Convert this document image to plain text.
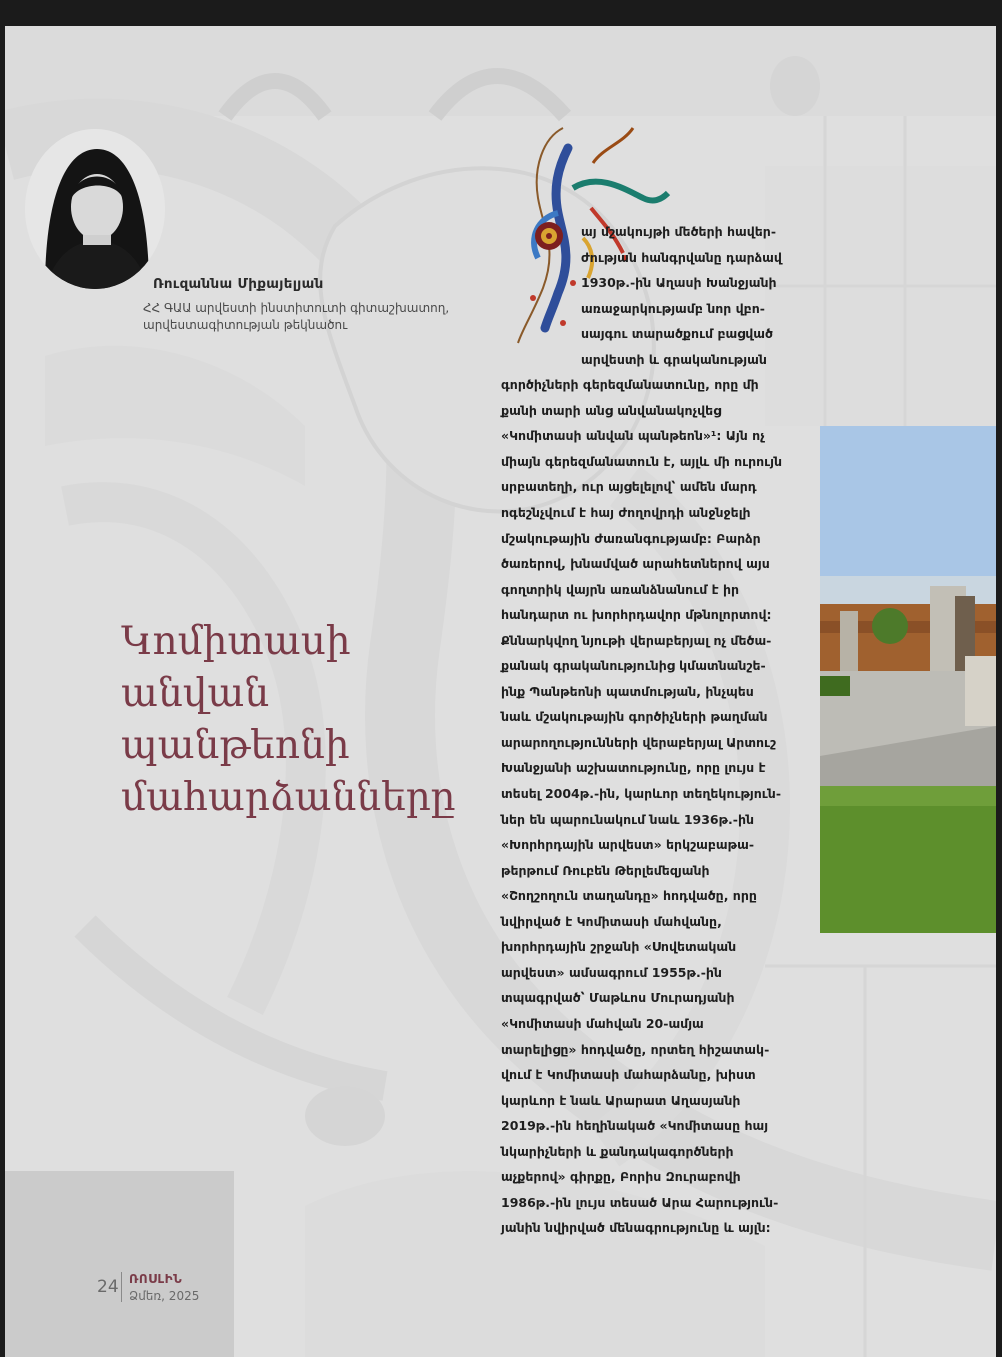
Ռուզաննա Միքայելյան
ՀՀ ԳԱԱ արվեստի ինստիտուտի գիտաշխատող,
արվեստագիտության թեկնածու
Կոմիտասի
անվան
պանթեոնի
մահարձանները
այ մշակույթի մեծերի հավեր-
ժության հանգրվանը դարձավ
1930թ.-ին Աղասի Խանջյանի
առաջարկությամբ նոր վբո-
սայգու տարածքում բացված
արվեստի և գրականության
գործիչների գերեզմանատունը, որը մի
քանի տարի անց անվանակոչվեց
«Կոմիտասի անվան պանթեոն»¹: Այն ոչ
միայն գերեզմանատուն է, այլև մի ուրույն
սրբատեղի, ուր այցելելով՝ ամեն մարդ
ոգեշնչվում է հայ ժողովրդի անջնջելի
մշակութային ժառանգությամբ: Բարձր
ծառերով, խնամված արահետներով այս
գողտրիկ վայրն առանձնանում է իր
հանդարտ ու խորհրդավոր մթնոլորտով:
Քննարկվող նյութի վերաբերյալ ոչ մեծա-
քանակ գրականությունից կմատնանշե-
ինք Պանթեոնի պատմության, ինչպես
նաև մշակութային գործիչների թաղման
արարողությունների վերաբերյալ Արտուշ
Խանջյանի աշխատությունը, որը լույս է
տեսել 2004թ.-ին, կարևոր տեղեկություն-
ներ են պարունակում նաև 1936թ.-ին
«Խորհրդային արվեստ» երկշաբաթա-
թերթում Ռուբեն Թերլեմեզյանի
«Շողշողուն տաղանդը» հոդվածը, որը
նվիրված է Կոմիտասի մահվանը,
խորհրդային շրջանի «Սովետական
արվեստ» ամսագրում 1955թ.-ին
տպագրված՝ Մաթևոս Մուրադյանի
«Կոմիտասի մահվան 20-ամյա
տարելիցը» հոդվածը, որտեղ հիշատակ-
վում է Կոմիտասի մահարձանը, խիստ
կարևոր է նաև Արարատ Աղասյանի
2019թ.-ին հեղինակած «Կոմիտասը հայ
նկարիչների և քանդակագործների
աչքերով» գիրքը, Բորիս Զուրաբովի
1986թ.-ին լույս տեսած Արա Հարություն-
յանին նվիրված մենագրությունը և այլն:
24 ՌՈՍԼԻՆ
Ձմեռ, 2025
